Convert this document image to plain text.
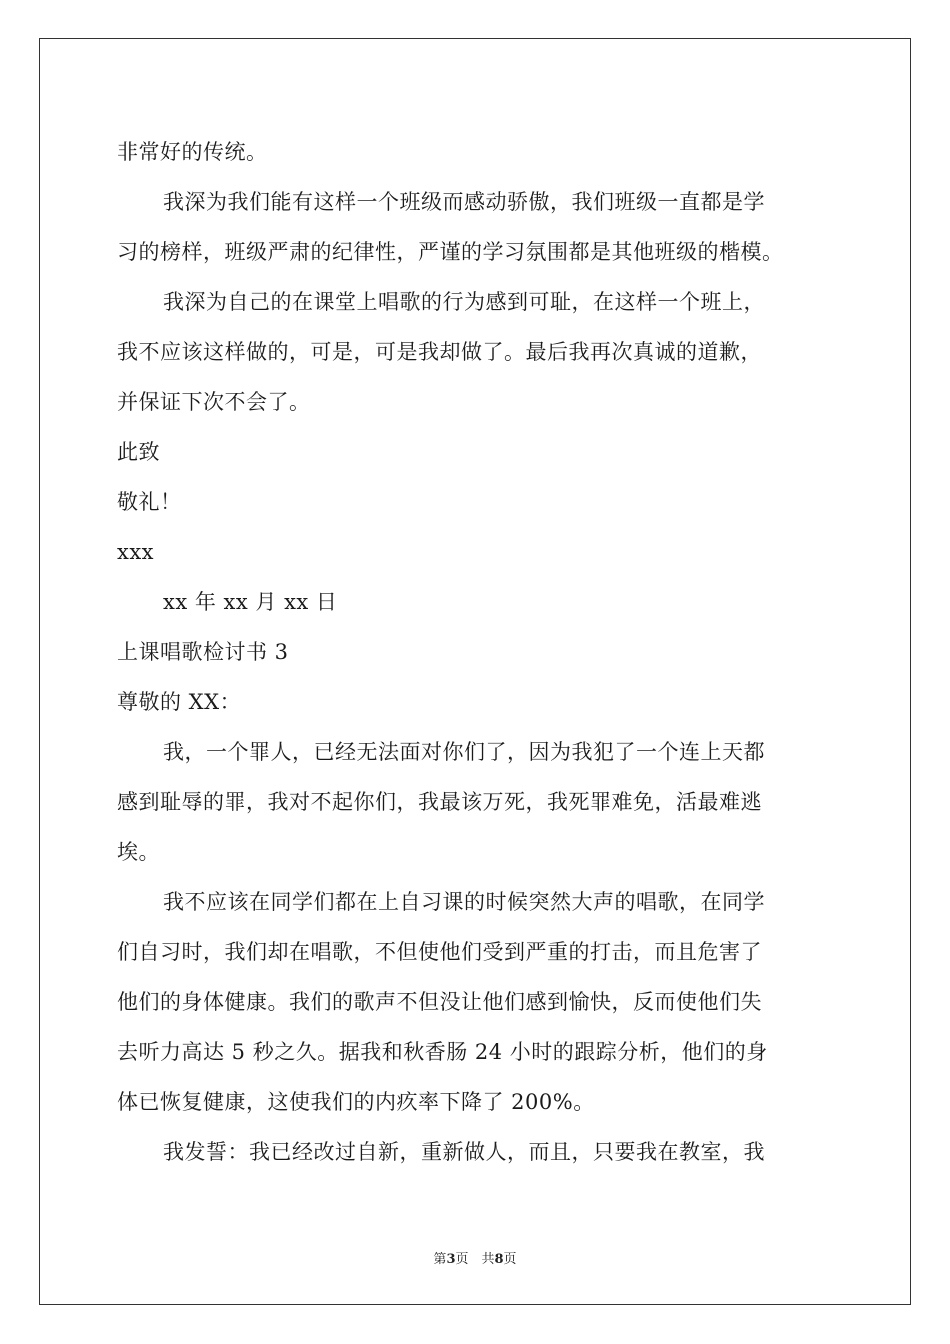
非常好的传统。
我深为我们能有这样一个班级而感动骄傲，我们班级一直都是学
习的榜样，班级严肃的纪律性，严谨的学习氛围都是其他班级的楷模。
我深为自己的在课堂上唱歌的行为感到可耻，在这样一个班上，
我不应该这样做的，可是，可是我却做了。最后我再次真诚的道歉，
并保证下次不会了。
此致
敬礼！
xxx
xx 年 xx 月 xx 日
上课唱歌检讨书 3
尊敬的 XX：
我，一个罪人，已经无法面对你们了，因为我犯了一个连上天都
感到耻辱的罪，我对不起你们，我最该万死，我死罪难免，活最难逃
埃。
我不应该在同学们都在上自习课的时候突然大声的唱歌，在同学
们自习时，我们却在唱歌，不但使他们受到严重的打击，而且危害了
他们的身体健康。我们的歌声不但没让他们感到愉快，反而使他们失
去听力高达 5 秒之久。据我和秋香肠 24 小时的跟踪分析，他们的身
体已恢复健康，这使我们的内疚率下降了 200%。
我发誓：我已经改过自新，重新做人，而且，只要我在教室，我
第3页　共8页
